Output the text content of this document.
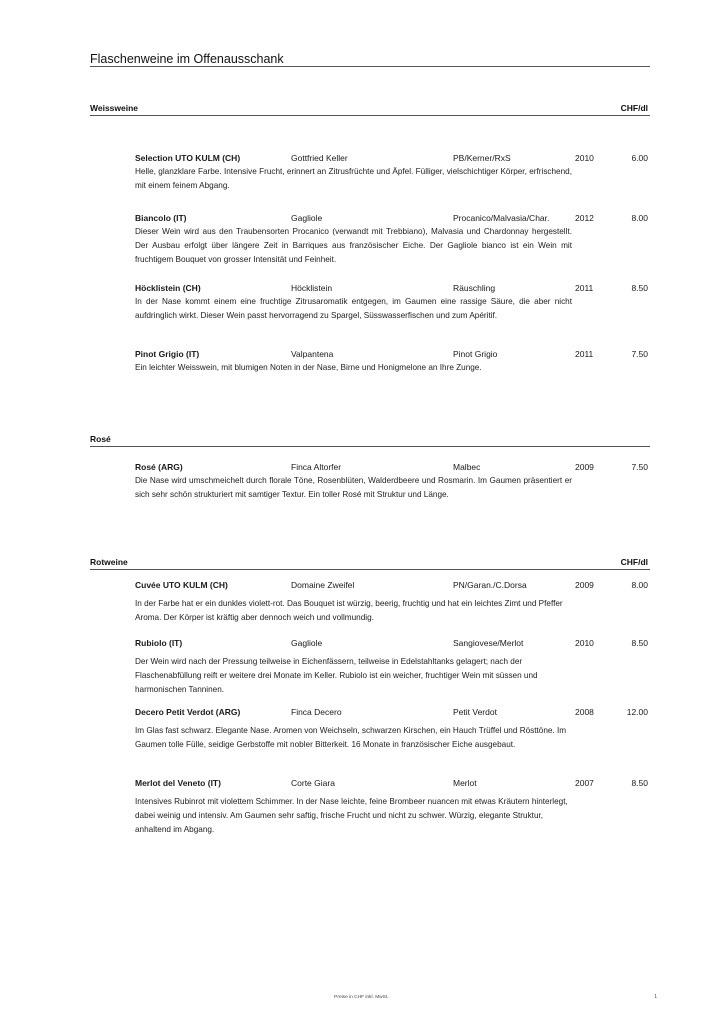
Flaschenweine im Offenausschank
Weissweine	CHF/dl
Selection UTO KULM (CH)	Gottfried Keller	PB/Kerner/RxS	2010	6.00
Helle, glanzklare Farbe. Intensive Frucht, erinnert an Zitrusfrüchte und Äpfel. Fülliger, vielschichtiger Körper, erfrischend, mit einem feinem Abgang.
Biancolo (IT)	Gagliole	Procanico/Malvasia/Char.	2012	8.00
Dieser Wein wird aus den Traubensorten Procanico (verwandt mit Trebbiano), Malvasia und Chardonnay hergestellt. Der Ausbau erfolgt über längere Zeit in Barriques aus französischer Eiche. Der Gagliole bianco ist ein Wein mit fruchtigem Bouquet von grosser Intensität und Feinheit.
Höcklistein (CH)	Höcklistein	Räuschling	2011	8.50
In der Nase kommt einem eine fruchtige Zitrusaromatik entgegen, im Gaumen eine rassige Säure, die aber nicht aufdringlich wirkt. Dieser Wein passt hervorragend zu Spargel, Süsswasserfischen und zum Apéritif.
Pinot Grigio (IT)	Valpantena	Pinot Grigio	2011	7.50
Ein leichter Weisswein, mit blumigen Noten in der Nase, Birne und Honigmelone an Ihre Zunge.
Rosé
Rosé (ARG)	Finca Altorfer	Malbec	2009	7.50
Die Nase wird umschmeichelt durch florale Töne, Rosenblüten, Walderdbeere und Rosmarin. Im Gaumen präsentiert er sich sehr schön strukturiert mit samtiger Textur. Ein toller Rosé mit Struktur und Länge.
Rotweine	CHF/dl
Cuvée UTO KULM (CH)	Domaine Zweifel	PN/Garan./C.Dorsa	2009	8.00
In der Farbe hat er ein dunkles violett-rot. Das Bouquet ist würzig, beerig, fruchtig und hat ein leichtes Zimt und Pfeffer Aroma. Der Körper ist kräftig aber dennoch weich und vollmundig.
Rubiolo (IT)	Gagliole	Sangiovese/Merlot	2010	8.50
Der Wein wird nach der Pressung teilweise in Eichenfässern, teilweise in Edelstahltanks gelagert; nach der Flaschenabfüllung reift er weitere drei Monate im Keller. Rubiolo ist ein weicher, fruchtiger Wein mit süssen und harmonischen Tanninen.
Decero Petit Verdot (ARG)	Finca Decero	Petit Verdot	2008	12.00
Im Glas fast schwarz. Elegante Nase. Aromen von Weichseln, schwarzen Kirschen, ein Hauch Trüffel und Rösttöne. Im Gaumen tolle Fülle, seidige Gerbstoffe mit nobler Bitterkeit. 16 Monate in französischer Eiche ausgebaut.
Merlot del Veneto (IT)	Corte Giara	Merlot	2007	8.50
Intensives Rubinrot mit violettem Schimmer. In der Nase leichte, feine Brombeer nuancen mit etwas Kräutern hinterlegt, dabei weinig und intensiv. Am Gaumen sehr saftig, frische Frucht und nicht zu schwer. Würzig, elegante Struktur, anhaltend im Abgang.
Preise in CHF inkl. MwSt..	1
